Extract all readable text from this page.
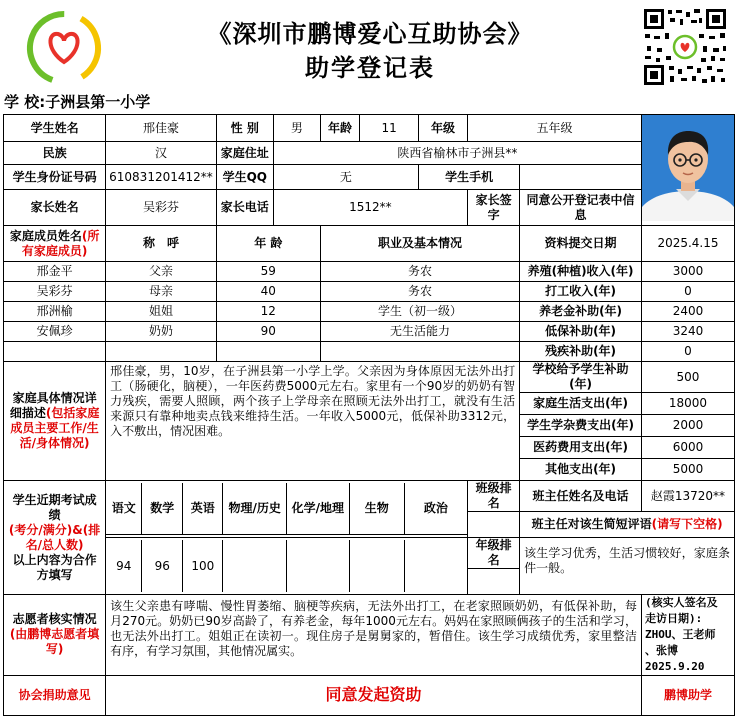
《深圳市鹏博爱心互助协会》
助学登记表
学 校:子洲县第一小学
学生姓名	邢佳豪	性 别	男	年龄	11	年级	五年级	
民族	汉	家庭住址	陕西省榆林市子洲县**
学生身份证号码	610831201412**	学生QQ	无	学生手机	
家长姓名	吴彩芬	家长电话	1512**	家长签字	同意公开登记表中信息
家庭成员姓名(所有家庭成员)	称　呼	年 龄	职业及基本情况	资料提交日期	2025.4.15
邢金平	父亲	59	务农	养殖(种植)收入(年)	3000
吴彩芬	母亲	40	务农	打工收入(年)	0
邢洲榆	姐姐	12	学生（初一级）	养老金补助(年)	2400
安佩珍	奶奶	90	无生活能力	低保补助(年)	3240
				残疾补助(年)	0
家庭具体情况详细描述(包括家庭成员主要工作/生活/身体情况)	邢佳豪，男，10岁，在子洲县第一小学上学。父亲因为身体原因无法外出打工（肠硬化，脑梗），一年医药费5000元左右。家里有一个90岁的奶奶有智力残疾，需要人照顾，两个孩子上学母亲在照顾无法外出打工，就没有生活来源只有靠种地卖点钱来维持生活。一年收入5000元，低保补助3312元，入不敷出，情况困难。	学校给予学生补助(年)	500
家庭生活支出(年)	18000
学生学杂费支出(年)	2000
医药费用支出(年)	6000
其他支出(年)	5000
学生近期考试成绩
(考分/满分)&(排名/总人数)
以上内容为合作方填写	
语文	数学	英语	物理/历史	化学/地理	生物	政治
	班级排名	班主任姓名及电话	赵霞13720**
	班主任对该生简短评语(请写下空格)

94	96	100				
	年级排名	该生学习优秀，生活习惯较好，家庭条件一般。

志愿者核实情况
(由鹏博志愿者填写)	该生父亲患有哮喘、慢性胃萎缩、脑梗等疾病，无法外出打工，在老家照顾奶奶，有低保补助，每月270元。奶奶已90岁高龄了，有养老金，每年1000元左右。妈妈在家照顾俩孩子的生活和学习，也无法外出打工。姐姐正在读初一。现住房子是舅舅家的，暂借住。该生学习成绩优秀，家里整洁有序，有学习氛围，其他情况属实。	(核实人签名及
走访日期):
ZHOU、王老师
、张博
2025.9.20
协会捐助意见	同意发起资助	鹏博助学
